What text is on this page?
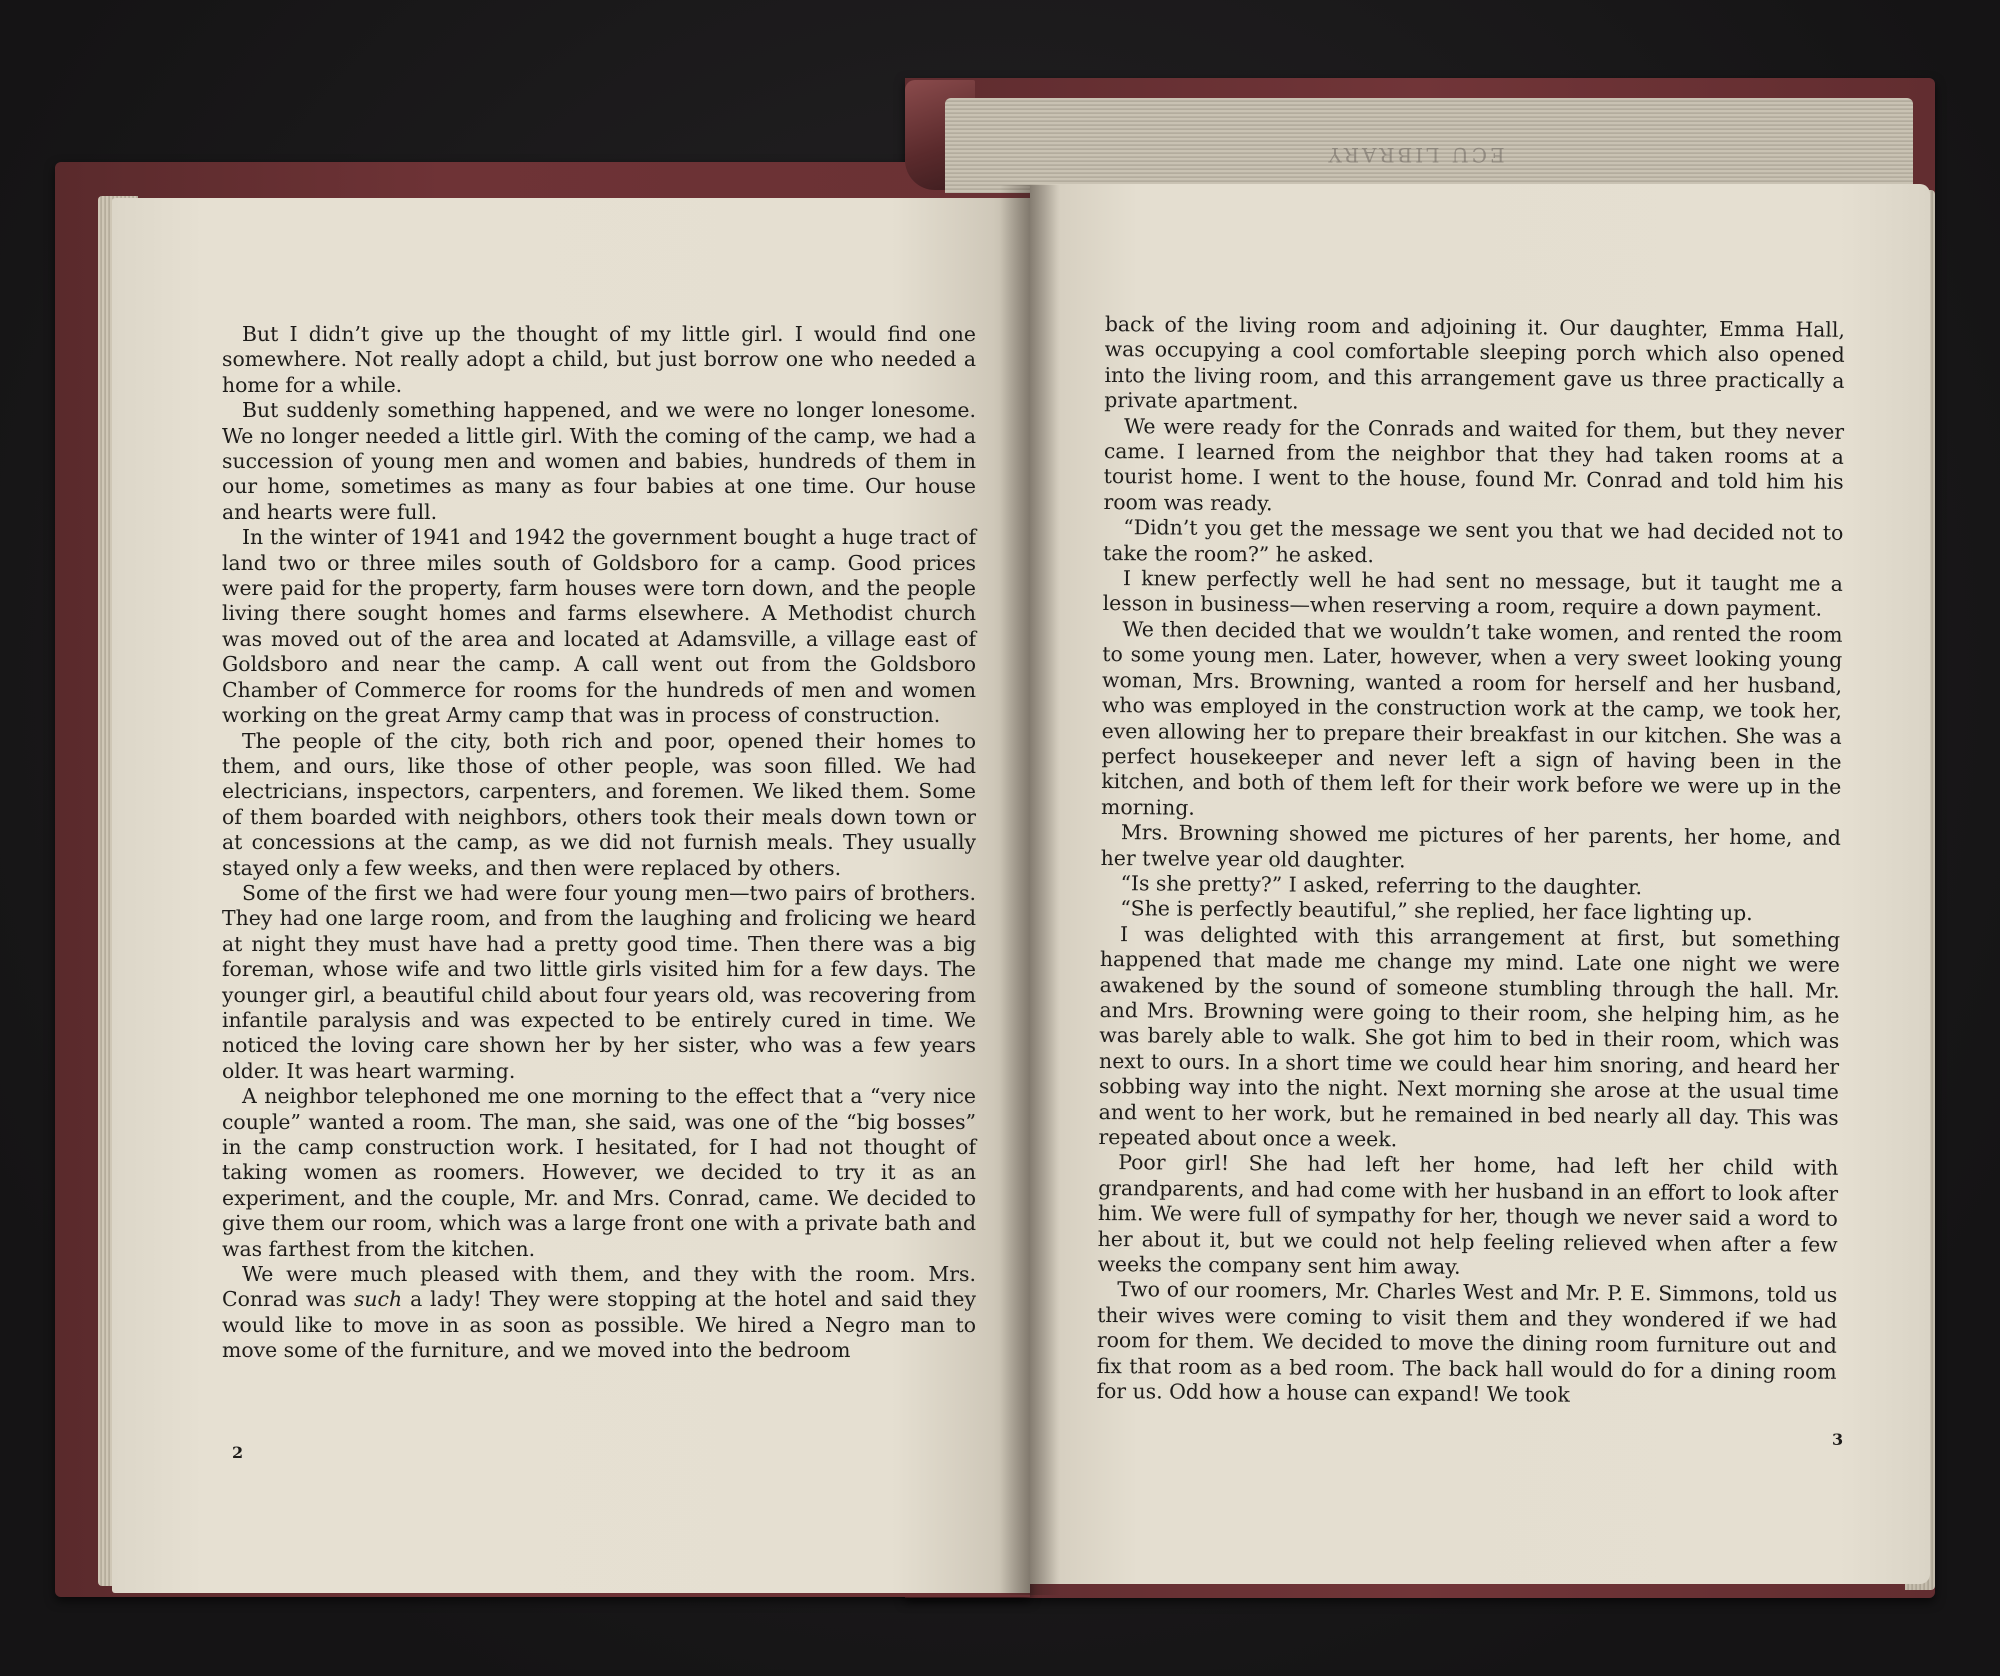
ECU LIBRARY

But I didn’t give up the thought of my little girl. I would find one somewhere. Not really adopt a child, but just borrow one who needed a home for a while.

But suddenly something happened, and we were no longer lonesome. We no longer needed a little girl. With the coming of the camp, we had a succession of young men and women and babies, hundreds of them in our home, sometimes as many as four babies at one time. Our house and hearts were full.

In the winter of 1941 and 1942 the government bought a huge tract of land two or three miles south of Goldsboro for a camp. Good prices were paid for the property, farm houses were torn down, and the people living there sought homes and farms elsewhere. A Methodist church was moved out of the area and located at Adamsville, a village east of Goldsboro and near the camp. A call went out from the Goldsboro Chamber of Commerce for rooms for the hundreds of men and women working on the great Army camp that was in process of construction.

The people of the city, both rich and poor, opened their homes to them, and ours, like those of other people, was soon filled. We had electricians, inspectors, carpenters, and foremen. We liked them. Some of them boarded with neighbors, others took their meals down town or at concessions at the camp, as we did not furnish meals. They usually stayed only a few weeks, and then were replaced by others.

Some of the first we had were four young men—two pairs of brothers. They had one large room, and from the laughing and frolicing we heard at night they must have had a pretty good time. Then there was a big foreman, whose wife and two little girls visited him for a few days. The younger girl, a beautiful child about four years old, was recovering from infantile paralysis and was expected to be entirely cured in time. We noticed the loving care shown her by her sister, who was a few years older. It was heart warming.

A neighbor telephoned me one morning to the effect that a “very nice couple” wanted a room. The man, she said, was one of the “big bosses” in the camp construction work. I hesitated, for I had not thought of taking women as roomers. However, we decided to try it as an experiment, and the couple, Mr. and Mrs. Conrad, came. We decided to give them our room, which was a large front one with a private bath and was farthest from the kitchen.

We were much pleased with them, and they with the room. Mrs. Conrad was such a lady! They were stopping at the hotel and said they would like to move in as soon as possible. We hired a Negro man to move some of the furniture, and we moved into the bedroom

2

back of the living room and adjoining it. Our daughter, Emma Hall, was occupying a cool comfortable sleeping porch which also opened into the living room, and this arrangement gave us three practically a private apartment.

We were ready for the Conrads and waited for them, but they never came. I learned from the neighbor that they had taken rooms at a tourist home. I went to the house, found Mr. Conrad and told him his room was ready.

“Didn’t you get the message we sent you that we had decided not to take the room?” he asked.

I knew perfectly well he had sent no message, but it taught me a lesson in business—when reserving a room, require a down payment.

We then decided that we wouldn’t take women, and rented the room to some young men. Later, however, when a very sweet looking young woman, Mrs. Browning, wanted a room for herself and her husband, who was employed in the construction work at the camp, we took her, even allowing her to prepare their breakfast in our kitchen. She was a perfect housekeeper and never left a sign of having been in the kitchen, and both of them left for their work before we were up in the morning.

Mrs. Browning showed me pictures of her parents, her home, and her twelve year old daughter.

“Is she pretty?” I asked, referring to the daughter.

“She is perfectly beautiful,” she replied, her face lighting up.

I was delighted with this arrangement at first, but something happened that made me change my mind. Late one night we were awakened by the sound of someone stumbling through the hall. Mr. and Mrs. Browning were going to their room, she helping him, as he was barely able to walk. She got him to bed in their room, which was next to ours. In a short time we could hear him snoring, and heard her sobbing way into the night. Next morning she arose at the usual time and went to her work, but he remained in bed nearly all day. This was repeated about once a week.

Poor girl! She had left her home, had left her child with grandparents, and had come with her husband in an effort to look after him. We were full of sympathy for her, though we never said a word to her about it, but we could not help feeling relieved when after a few weeks the company sent him away.

Two of our roomers, Mr. Charles West and Mr. P. E. Simmons, told us their wives were coming to visit them and they wondered if we had room for them. We decided to move the dining room furniture out and fix that room as a bed room. The back hall would do for a dining room for us. Odd how a house can expand! We took

3
